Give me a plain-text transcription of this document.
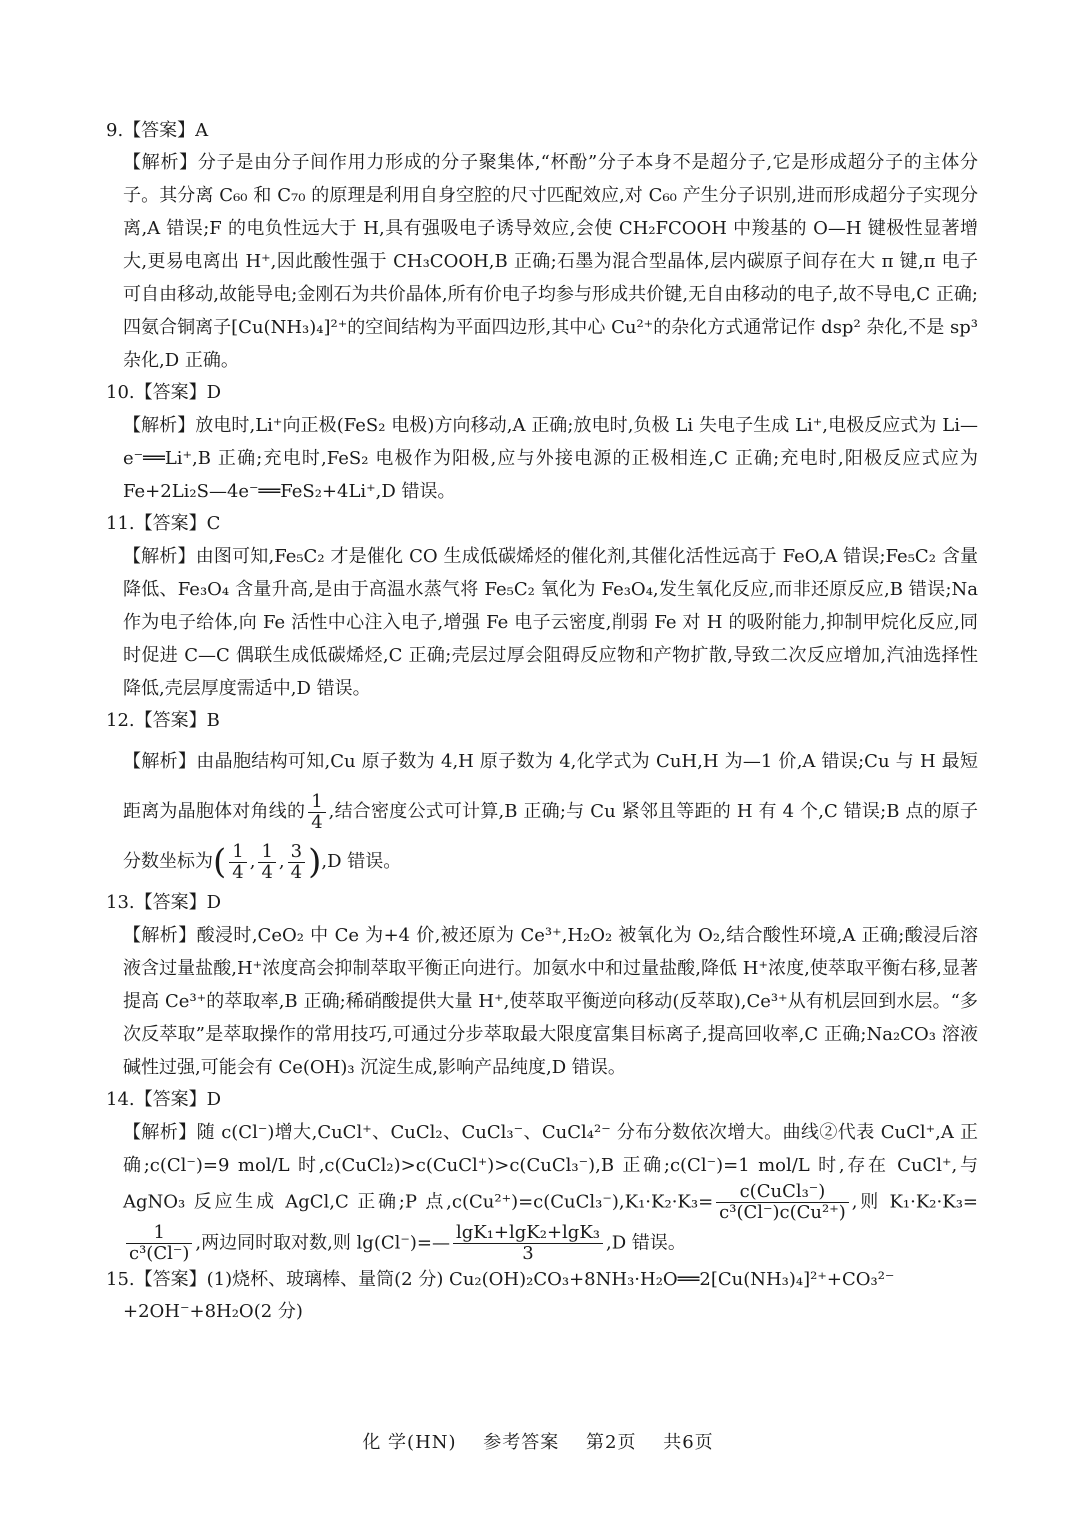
9.【答案】A

【解析】分子是由分子间作用力形成的分子聚集体,“杯酚”分子本身不是超分子,它是形成超分子的主体分子。其分离 C₆₀ 和 C₇₀ 的原理是利用自身空腔的尺寸匹配效应,对 C₆₀ 产生分子识别,进而形成超分子实现分离,A 错误;F 的电负性远大于 H,具有强吸电子诱导效应,会使 CH₂FCOOH 中羧基的 O—H 键极性显著增大,更易电离出 H⁺,因此酸性强于 CH₃COOH,B 正确;石墨为混合型晶体,层内碳原子间存在大 π 键,π 电子可自由移动,故能导电;金刚石为共价晶体,所有价电子均参与形成共价键,无自由移动的电子,故不导电,C 正确;四氨合铜离子[Cu(NH₃)₄]²⁺的空间结构为平面四边形,其中心 Cu²⁺的杂化方式通常记作 dsp² 杂化,不是 sp³ 杂化,D 正确。

10.【答案】D

【解析】放电时,Li⁺向正极(FeS₂ 电极)方向移动,A 正确;放电时,负极 Li 失电子生成 Li⁺,电极反应式为 Li—e⁻══Li⁺,B 正确;充电时,FeS₂ 电极作为阳极,应与外接电源的正极相连,C 正确;充电时,阳极反应式应为 Fe+2Li₂S—4e⁻══FeS₂+4Li⁺,D 错误。

11.【答案】C

【解析】由图可知,Fe₅C₂ 才是催化 CO 生成低碳烯烃的催化剂,其催化活性远高于 FeO,A 错误;Fe₅C₂ 含量降低、Fe₃O₄ 含量升高,是由于高温水蒸气将 Fe₅C₂ 氧化为 Fe₃O₄,发生氧化反应,而非还原反应,B 错误;Na 作为电子给体,向 Fe 活性中心注入电子,增强 Fe 电子云密度,削弱 Fe 对 H 的吸附能力,抑制甲烷化反应,同时促进 C—C 偶联生成低碳烯烃,C 正确;壳层过厚会阻碍反应物和产物扩散,导致二次反应增加,汽油选择性降低,壳层厚度需适中,D 错误。

12.【答案】B

【解析】由晶胞结构可知,Cu 原子数为 4,H 原子数为 4,化学式为 CuH,H 为—1 价,A 错误;Cu 与 H 最短距离为晶胞体对角线的 $\frac{1}{4}$ ,结合密度公式可计算,B 正确;与 Cu 紧邻且等距的 H 有 4 个,C 错误;B 点的原子分数坐标为( $\frac{1}{4}$ , $\frac{1}{4}$ , $\frac{3}{4} ),D$ 错误。

13.【答案】D

【解析】酸浸时,CeO₂ 中 Ce 为+4 价,被还原为 Ce³⁺,H₂O₂ 被氧化为 O₂,结合酸性环境,A 正确;酸浸后溶液含过量盐酸,H⁺浓度高会抑制萃取平衡正向进行。加氨水中和过量盐酸,降低 H⁺浓度,使萃取平衡右移,显著提高 Ce³⁺的萃取率,B 正确;稀硝酸提供大量 H⁺,使萃取平衡逆向移动(反萃取),Ce³⁺从有机层回到水层。“多次反萃取”是萃取操作的常用技巧,可通过分步萃取最大限度富集目标离子,提高回收率,C 正确;Na₂CO₃ 溶液碱性过强,可能会有 Ce(OH)₃ 沉淀生成,影响产品纯度,D 错误。

14.【答案】D

【解析】随 c(Cl⁻)增大,CuCl⁺、CuCl₂、CuCl₃⁻、CuCl₄²⁻ 分布分数依次增大。曲线②代表 CuCl⁺,A 正确;c(Cl⁻)=9 mol/L 时,c(CuCl₂)>c(CuCl⁺)>c(CuCl₃⁻),B 正确;c(Cl⁻)=1 mol/L 时,存在 CuCl⁺,与 AgNO₃ 反应生成 AgCl,C 正确;P 点,c(Cu²⁺)=c(CuCl₃⁻),K₁·K₂·K₃= $\frac{\text{c(CuCl₃⁻)}}{\text{c³(Cl⁻)c(Cu²⁺)}}$ ,则 K₁·K₂·K₃=
$\frac{1}{\text{c³(Cl⁻)}}$ ,两边同时取对数,则 lg(Cl⁻)=— $\frac{\text{lgK₁+lgK₂+lgK₃}}{3} ,D$ 错误。

15.【答案】(1)烧杯、玻璃棒、量筒(2 分) Cu₂(OH)₂CO₃+8NH₃·H₂O══2[Cu(NH₃)₄]²⁺+CO₃²⁻
+2OH⁻+8H₂O(2 分)
化 学(HN) 参考答案 第2页 共6页
